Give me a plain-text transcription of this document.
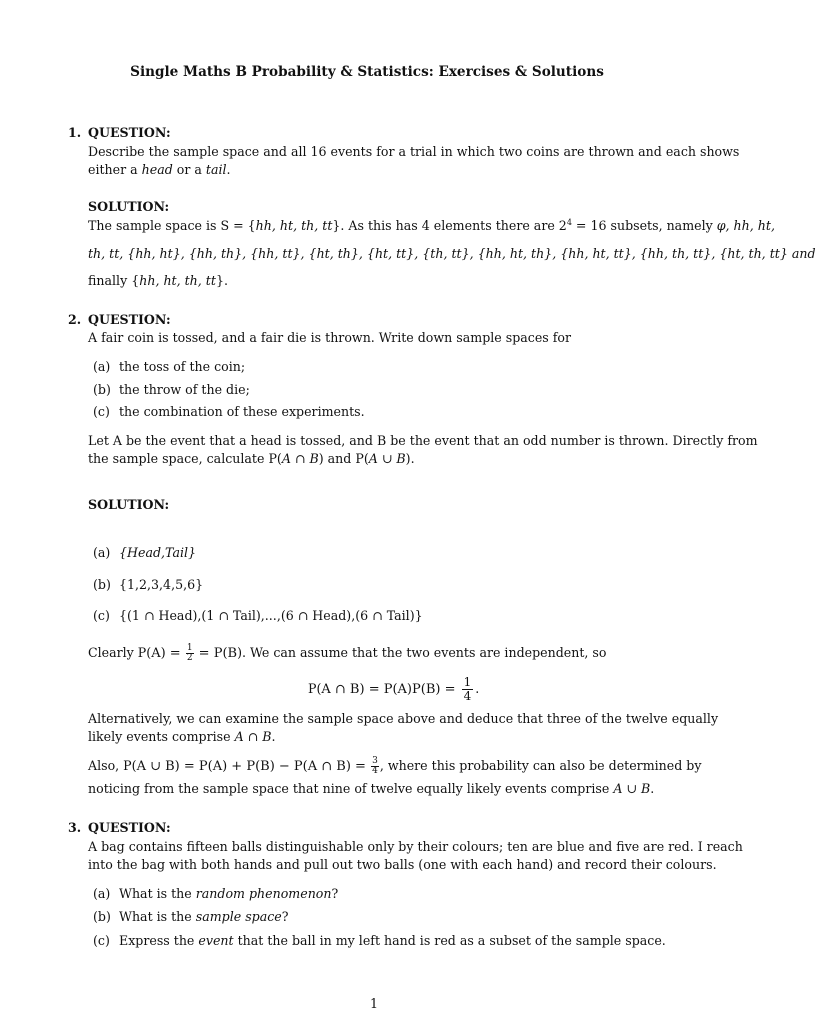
Single Maths B Probability & Statistics: Exercises & Solutions
1. QUESTION:
Describe the sample space and all 16 events for a trial in which two coins are thrown and each shows
either a head or a tail.
SOLUTION:
The sample space is S = {hh, ht, th, tt}. As this has 4 elements there are $2^4 = 16$ subsets, namely φ, hh, ht,
th, tt, {hh, ht}, {hh, th}, {hh, tt}, {ht, th}, {ht, tt}, {th, tt}, {hh, ht, th}, {hh, ht, tt}, {hh, th, tt}, {ht, th, tt} and
finally {hh, ht, th, tt}.
2. QUESTION:
A fair coin is tossed, and a fair die is thrown. Write down sample spaces for
(a) the toss of the coin;
(b) the throw of the die;
(c) the combination of these experiments.
Let A be the event that a head is tossed, and B be the event that an odd number is thrown. Directly from
the sample space, calculate P(A ∩ B) and P(A ∪ B).
SOLUTION:
(a) {Head,Tail}
(b) {1,2,3,4,5,6}
(c) {(1 ∩ Head),(1 ∩ Tail),...,(6 ∩ Head),(6 ∩ Tail)}
Clearly $P(A) = \frac{1}{2} = P(B)$. We can assume that the two events are independent, so
P(A ∩ $B) = P(A)P(B) = \frac{1}{4}$ .
Alternatively, we can examine the sample space above and deduce that three of the twelve equally
likely events comprise A ∩ B.
Also, P(A ∪ B) = P(A) + P(B) − P(A ∩ $B) = \frac{3}{4}$ , where this probability can also be determined by
noticing from the sample space that nine of twelve equally likely events comprise A ∪ B.
3. QUESTION:
A bag contains fifteen balls distinguishable only by their colours; ten are blue and five are red. I reach
into the bag with both hands and pull out two balls (one with each hand) and record their colours.
(a) What is the random phenomenon?
(b) What is the sample space?
(c) Express the event that the ball in my left hand is red as a subset of the sample space.
1
